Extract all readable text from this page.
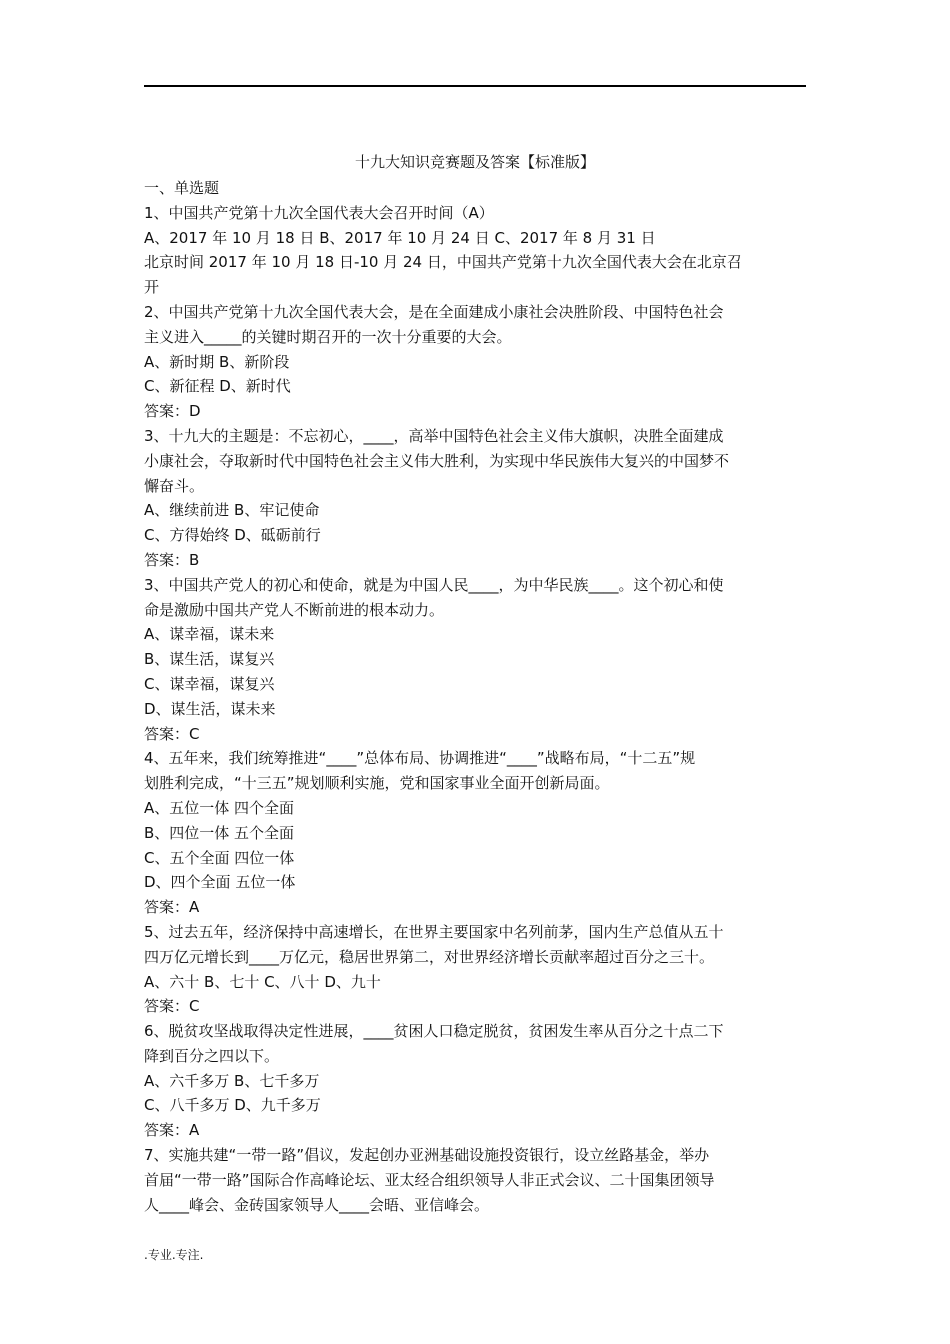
十九大知识竞赛题及答案【标准版】
一、单选题
1、中国共产党第十九次全国代表大会召开时间（A）
A、2017 年 10 月 18 日 B、2017 年 10 月 24 日 C、2017 年 8 月 31 日
北京时间 2017 年 10 月 18 日-10 月 24 日，中国共产党第十九次全国代表大会在北京召
开
2、中国共产党第十九次全国代表大会，是在全面建成小康社会决胜阶段、中国特色社会
主义进入_____的关键时期召开的一次十分重要的大会。
A、新时期 B、新阶段
C、新征程 D、新时代
答案：D
3、十九大的主题是：不忘初心，____，高举中国特色社会主义伟大旗帜，决胜全面建成
小康社会，夺取新时代中国特色社会主义伟大胜利，为实现中华民族伟大复兴的中国梦不
懈奋斗。
A、继续前进 B、牢记使命
C、方得始终 D、砥砺前行
答案：B
3、中国共产党人的初心和使命，就是为中国人民____，为中华民族____。这个初心和使
命是激励中国共产党人不断前进的根本动力。
A、谋幸福，谋未来
B、谋生活，谋复兴
C、谋幸福，谋复兴
D、谋生活，谋未来
答案：C
4、五年来，我们统筹推进“____”总体布局、协调推进“____”战略布局，“十二五”规
划胜利完成，“十三五”规划顺利实施，党和国家事业全面开创新局面。
A、五位一体 四个全面
B、四位一体 五个全面
C、五个全面 四位一体
D、四个全面 五位一体
答案：A
5、过去五年，经济保持中高速增长，在世界主要国家中名列前茅，国内生产总值从五十
四万亿元增长到____万亿元，稳居世界第二，对世界经济增长贡献率超过百分之三十。
A、六十 B、七十 C、八十 D、九十
答案：C
6、脱贫攻坚战取得决定性进展，____贫困人口稳定脱贫，贫困发生率从百分之十点二下
降到百分之四以下。
A、六千多万 B、七千多万
C、八千多万 D、九千多万
答案：A
7、实施共建“一带一路”倡议，发起创办亚洲基础设施投资银行，设立丝路基金，举办
首届“一带一路”国际合作高峰论坛、亚太经合组织领导人非正式会议、二十国集团领导
人____峰会、金砖国家领导人____会晤、亚信峰会。
.专业.专注.
